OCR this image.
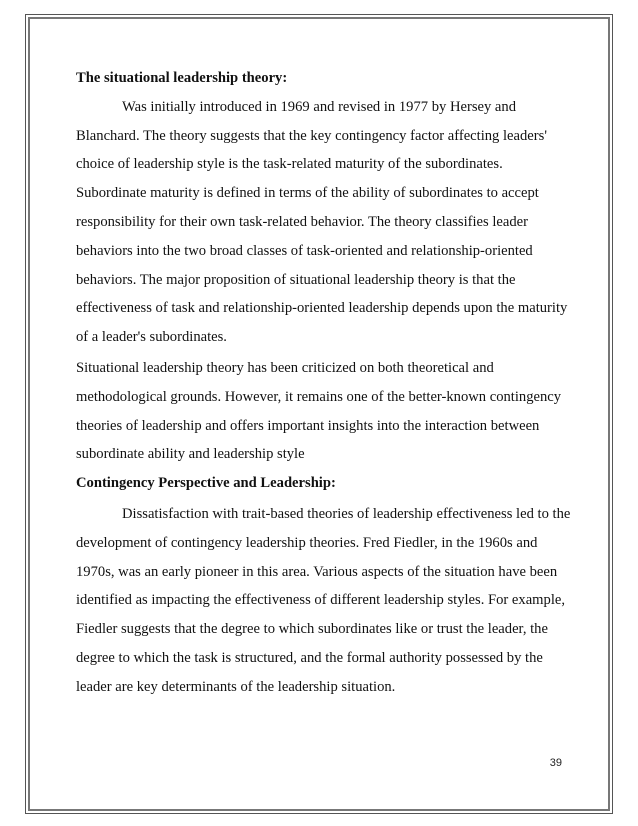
The situational leadership theory:

Was initially introduced in 1969 and revised in 1977 by Hersey and Blanchard. The theory suggests that the key contingency factor affecting leaders' choice of leadership style is the task-related maturity of the subordinates. Subordinate maturity is defined in terms of the ability of subordinates to accept responsibility for their own task-related behavior. The theory classifies leader behaviors into the two broad classes of task-oriented and relationship-oriented behaviors. The major proposition of situational leadership theory is that the effectiveness of task and relationship-oriented leadership depends upon the maturity of a leader's subordinates.

Situational leadership theory has been criticized on both theoretical and methodological grounds. However, it remains one of the better-known contingency theories of leadership and offers important insights into the interaction between subordinate ability and leadership style

Contingency Perspective and Leadership:

Dissatisfaction with trait-based theories of leadership effectiveness led to the development of contingency leadership theories. Fred Fiedler, in the 1960s and 1970s, was an early pioneer in this area. Various aspects of the situation have been identified as impacting the effectiveness of different leadership styles. For example, Fiedler suggests that the degree to which subordinates like or trust the leader, the degree to which the task is structured, and the formal authority possessed by the leader are key determinants of the leadership situation.

39
